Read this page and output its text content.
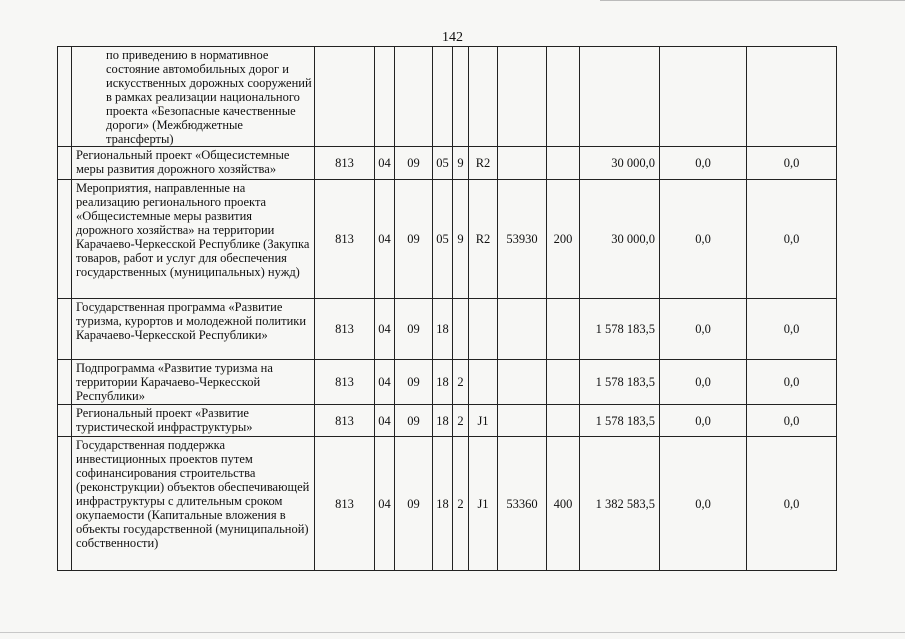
142
	по приведению в нормативное состояние автомобильных дорог и искусственных дорожных сооружений в рамках реализации национального проекта «Безопасные качественные дороги» (Межбюджетные трансферты)											
	Региональный проект «Общесистемные меры развития дорожного хозяйства»	813	04	09	05	9	R2			30 000,0	0,0	0,0
	Мероприятия, направленные на реализацию регионального проекта «Общесистемные меры развития дорожного хозяйства» на территории Карачаево-Черкесской Республике (Закупка товаров, работ и услуг для обеспечения государственных (муниципальных) нужд)	813	04	09	05	9	R2	53930	200	30 000,0	0,0	0,0
	Государственная программа «Развитие туризма, курортов и молодежной политики Карачаево-Черкесской Республики»	813	04	09	18					1 578 183,5	0,0	0,0
	Подпрограмма «Развитие туризма на территории Карачаево-Черкесской Республики»	813	04	09	18	2				1 578 183,5	0,0	0,0
	Региональный проект «Развитие туристической инфраструктуры»	813	04	09	18	2	J1			1 578 183,5	0,0	0,0
	Государственная поддержка инвестиционных проектов путем софинансирования строительства (реконструкции) объектов обеспечивающей инфраструктуры с длительным сроком окупаемости (Капитальные вложения в объекты государственной (муниципальной) собственности)	813	04	09	18	2	J1	53360	400	1 382 583,5	0,0	0,0
